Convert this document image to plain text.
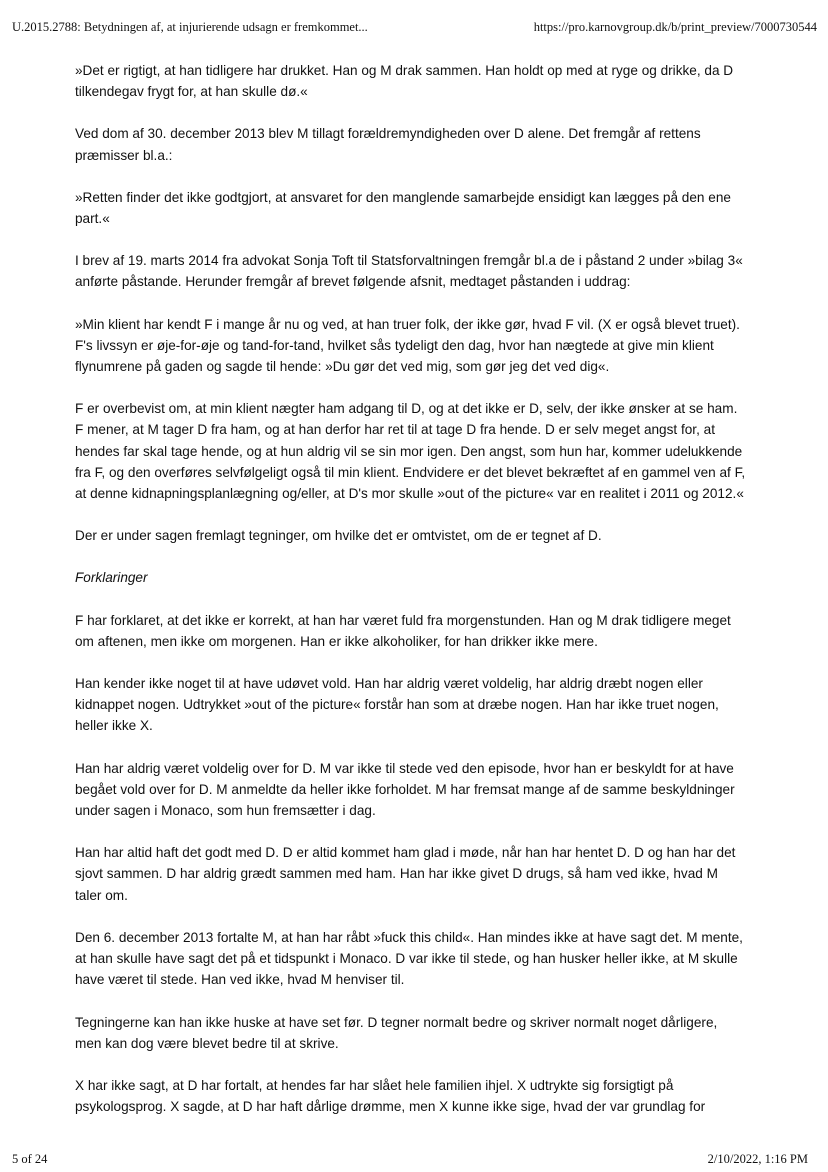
U.2015.2788: Betydningen af, at injurierende udsagn er fremkommet...	https://pro.karnovgroup.dk/b/print_preview/7000730544

»Det er rigtigt, at han tidligere har drukket. Han og M drak sammen. Han holdt op med at ryge og drikke, da D tilkendegav frygt for, at han skulle dø.«

Ved dom af 30. december 2013 blev M tillagt forældremyndigheden over D alene. Det fremgår af rettens præmisser bl.a.:

»Retten finder det ikke godtgjort, at ansvaret for den manglende samarbejde ensidigt kan lægges på den ene part.«

I brev af 19. marts 2014 fra advokat Sonja Toft til Statsforvaltningen fremgår bl.a de i påstand 2 under »bilag 3« anførte påstande. Herunder fremgår af brevet følgende afsnit, medtaget påstanden i uddrag:

»Min klient har kendt F i mange år nu og ved, at han truer folk, der ikke gør, hvad F vil. (X er også blevet truet). F's livssyn er øje-for-øje og tand-for-tand, hvilket sås tydeligt den dag, hvor han nægtede at give min klient flynumrene på gaden og sagde til hende: »Du gør det ved mig, som gør jeg det ved dig«.

F er overbevist om, at min klient nægter ham adgang til D, og at det ikke er D, selv, der ikke ønsker at se ham. F mener, at M tager D fra ham, og at han derfor har ret til at tage D fra hende. D er selv meget angst for, at hendes far skal tage hende, og at hun aldrig vil se sin mor igen. Den angst, som hun har, kommer udelukkende fra F, og den overføres selvfølgeligt også til min klient. Endvidere er det blevet bekræftet af en gammel ven af F, at denne kidnapningsplanlægning og/eller, at D's mor skulle »out of the picture« var en realitet i 2011 og 2012.«

Der er under sagen fremlagt tegninger, om hvilke det er omtvistet, om de er tegnet af D.

Forklaringer

F har forklaret, at det ikke er korrekt, at han har været fuld fra morgenstunden. Han og M drak tidligere meget om aftenen, men ikke om morgenen. Han er ikke alkoholiker, for han drikker ikke mere.

Han kender ikke noget til at have udøvet vold. Han har aldrig været voldelig, har aldrig dræbt nogen eller kidnappet nogen. Udtrykket »out of the picture« forstår han som at dræbe nogen. Han har ikke truet nogen, heller ikke X.

Han har aldrig været voldelig over for D. M var ikke til stede ved den episode, hvor han er beskyldt for at have begået vold over for D. M anmeldte da heller ikke forholdet. M har fremsat mange af de samme beskyldninger under sagen i Monaco, som hun fremsætter i dag.

Han har altid haft det godt med D. D er altid kommet ham glad i møde, når han har hentet D. D og han har det sjovt sammen. D har aldrig grædt sammen med ham. Han har ikke givet D drugs, så ham ved ikke, hvad M taler om.

Den 6. december 2013 fortalte M, at han har råbt »fuck this child«. Han mindes ikke at have sagt det. M mente, at han skulle have sagt det på et tidspunkt i Monaco. D var ikke til stede, og han husker heller ikke, at M skulle have været til stede. Han ved ikke, hvad M henviser til.

Tegningerne kan han ikke huske at have set før. D tegner normalt bedre og skriver normalt noget dårligere, men kan dog være blevet bedre til at skrive.

X har ikke sagt, at D har fortalt, at hendes far har slået hele familien ihjel. X udtrykte sig forsigtigt på psykologsprog. X sagde, at D har haft dårlige drømme, men X kunne ikke sige, hvad der var grundlag for

5 of 24	2/10/2022, 1:16 PM
